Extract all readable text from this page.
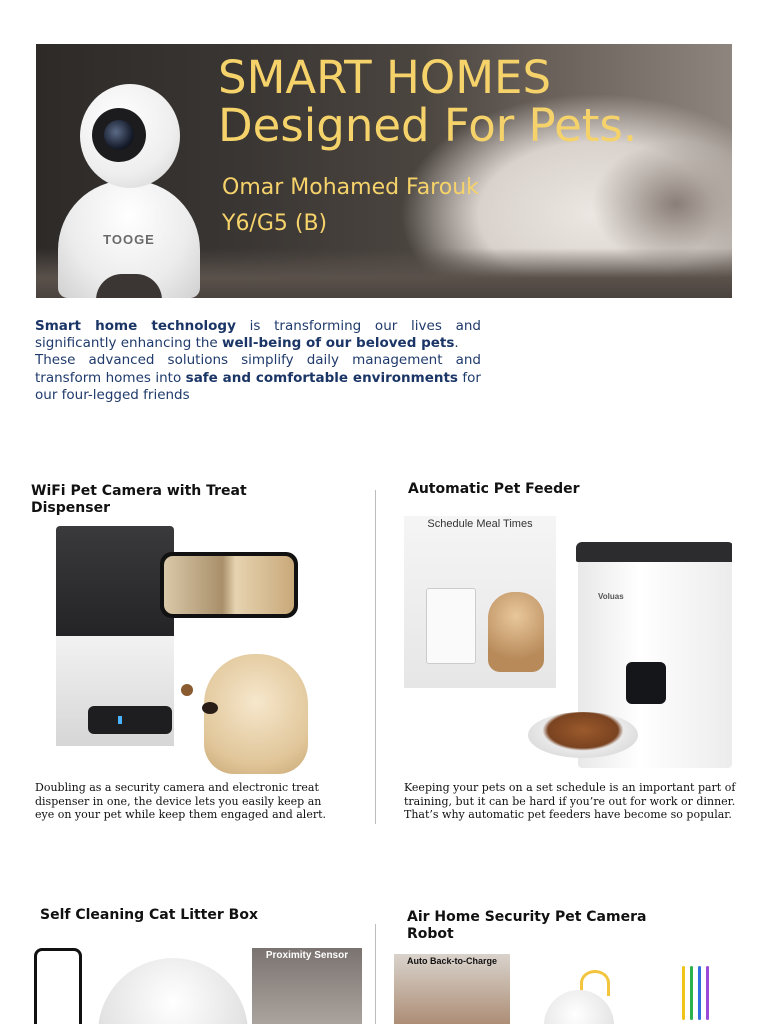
TOOGE
SMART HOMES
Designed For Pets.
Omar Mohamed Farouk
Y6/G5 (B)

Smart home technology is transforming our lives and significantly enhancing the well-being of our beloved pets.

These advanced solutions simplify daily management and transform homes into safe and comfortable environments for our four-legged friends

WiFi Pet Camera with Treat Dispenser
Doubling as a security camera and electronic treat dispenser in one, the device lets you easily keep an eye on your pet while keep them engaged and alert.
Automatic Pet Feeder
Schedule Meal Times
Voluas
Keeping your pets on a set schedule is an important part of training, but it can be hard if you’re out for work or dinner. That’s why automatic pet feeders have become so popular.
Self Cleaning Cat Litter Box
Proximity Sensor
Air Home Security Pet Camera Robot
Auto Back-to-Charge
